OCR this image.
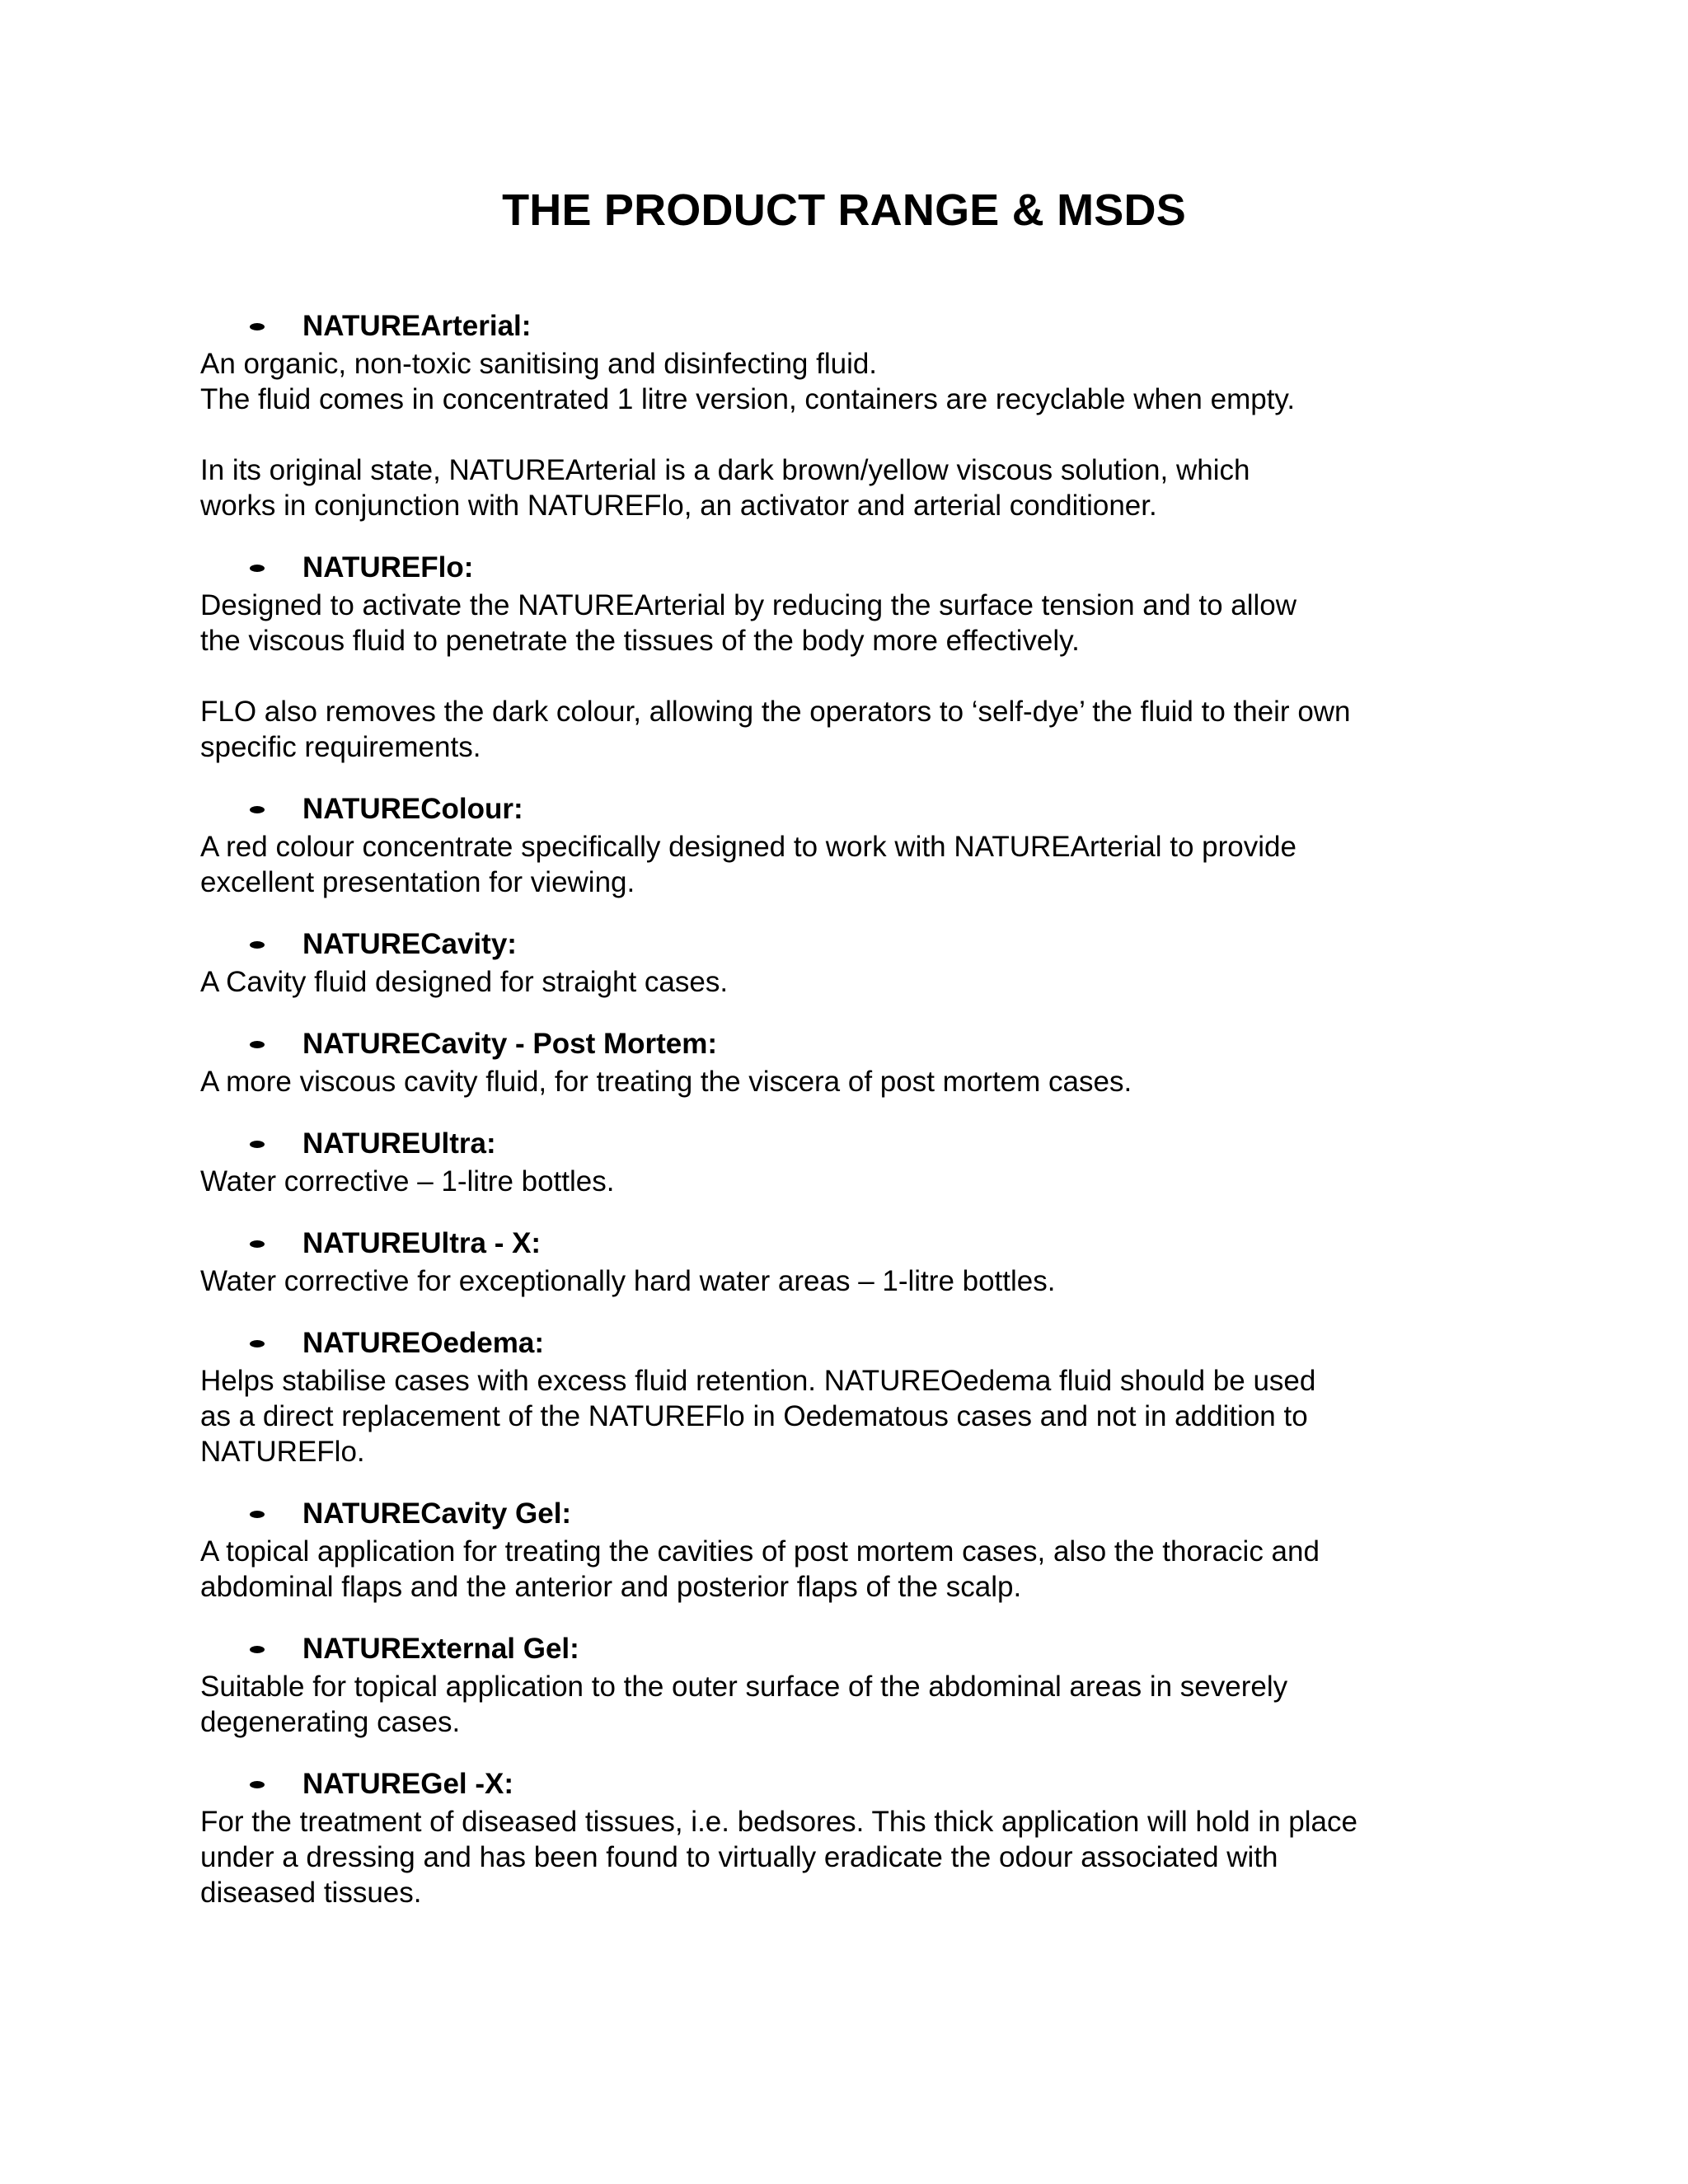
THE PRODUCT RANGE & MSDS
NATUREArterial:

An organic, non-toxic sanitising and disinfecting fluid.
The fluid comes in concentrated 1 litre version, containers are recyclable when empty.

In its original state, NATUREArterial is a dark brown/yellow viscous solution, which
works in conjunction with NATUREFlo, an activator and arterial conditioner.

NATUREFlo:

Designed to activate the NATUREArterial by reducing the surface tension and to allow
the viscous fluid to penetrate the tissues of the body more effectively.

FLO also removes the dark colour, allowing the operators to ‘self-dye’ the fluid to their own
specific requirements.

NATUREColour:

A red colour concentrate specifically designed to work with NATUREArterial to provide
excellent presentation for viewing.

NATURECavity:

A Cavity fluid designed for straight cases.

NATURECavity - Post Mortem:

A more viscous cavity fluid, for treating the viscera of post mortem cases.

NATUREUltra:

Water corrective – 1-litre bottles.

NATUREUltra - X:

Water corrective for exceptionally hard water areas – 1-litre bottles.

NATUREOedema:

Helps stabilise cases with excess fluid retention. NATUREOedema fluid should be used
as a direct replacement of the NATUREFlo in Oedematous cases and not in addition to
NATUREFlo.

NATURECavity Gel:

A topical application for treating the cavities of post mortem cases, also the thoracic and
abdominal flaps and the anterior and posterior flaps of the scalp.

NATURExternal Gel:

Suitable for topical application to the outer surface of the abdominal areas in severely
degenerating cases.

NATUREGel -X:

For the treatment of diseased tissues, i.e. bedsores. This thick application will hold in place
under a dressing and has been found to virtually eradicate the odour associated with
diseased tissues.
